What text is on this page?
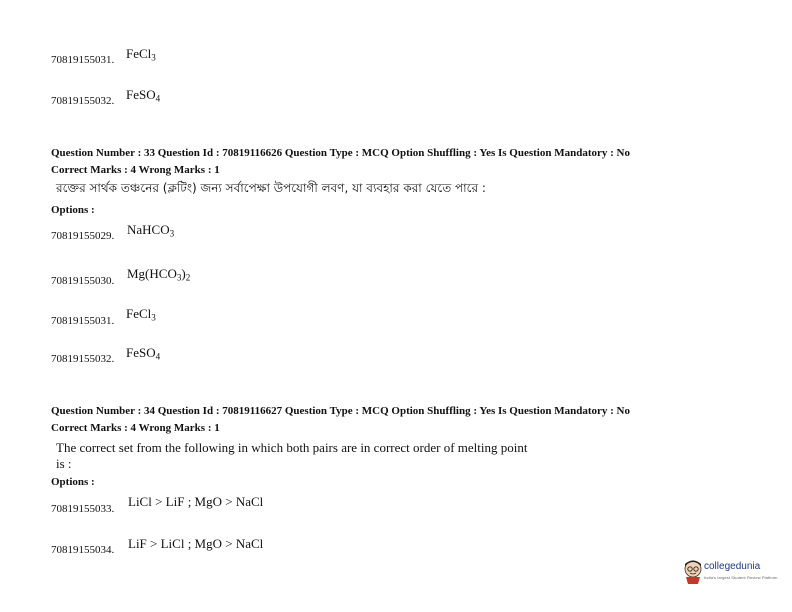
70819155031. FeCl$_3$
70819155032. FeSO$_4$
Question Number : 33 Question Id : 70819116626 Question Type : MCQ Option Shuffling : Yes Is Question Mandatory : No
Correct Marks : 4 Wrong Marks : 1
রক্তের সার্থক তঞ্চনের (ক্লটিং) জন্য সর্বাপেক্ষা উপযোগী লবণ, যা ব্যবহার করা যেতে পারে :
Options :
70819155029. NaHCO$_3$
70819155030. $Mg(HCO_3)_2$
70819155031. FeCl$_3$
70819155032. FeSO$_4$
Question Number : 34 Question Id : 70819116627 Question Type : MCQ Option Shuffling : Yes Is Question Mandatory : No
Correct Marks : 4 Wrong Marks : 1
The correct set from the following in which both pairs are in correct order of melting point
is :
Options :
70819155033. LiCl > LiF ; MgO > NaCl
70819155034. LiF > LiCl ; MgO > NaCl
collegedunia
India's largest Student Review Platform
